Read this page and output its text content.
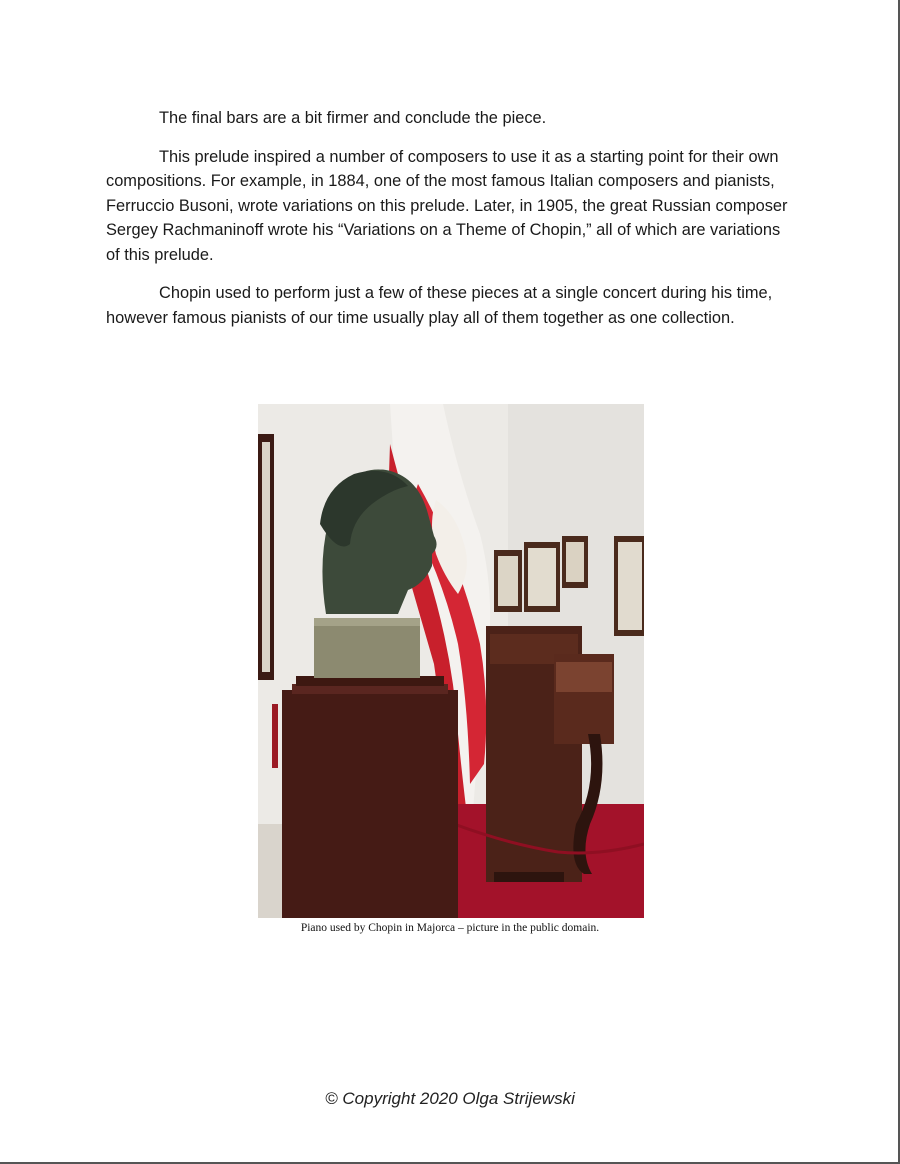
The final bars are a bit firmer and conclude the piece.

This prelude inspired a number of composers to use it as a starting point for their own compositions. For example, in 1884, one of the most famous Italian composers and pianists, Ferruccio Busoni, wrote variations on this prelude. Later, in 1905, the great Russian composer Sergey Rachmaninoff wrote his “Variations on a Theme of Chopin,” all of which are variations of this prelude.

Chopin used to perform just a few of these pieces at a single concert during his time, however famous pianists of our time usually play all of them together as one collection.

Piano used by Chopin in Majorca – picture in the public domain.
© Copyright 2020 Olga Strijewski
